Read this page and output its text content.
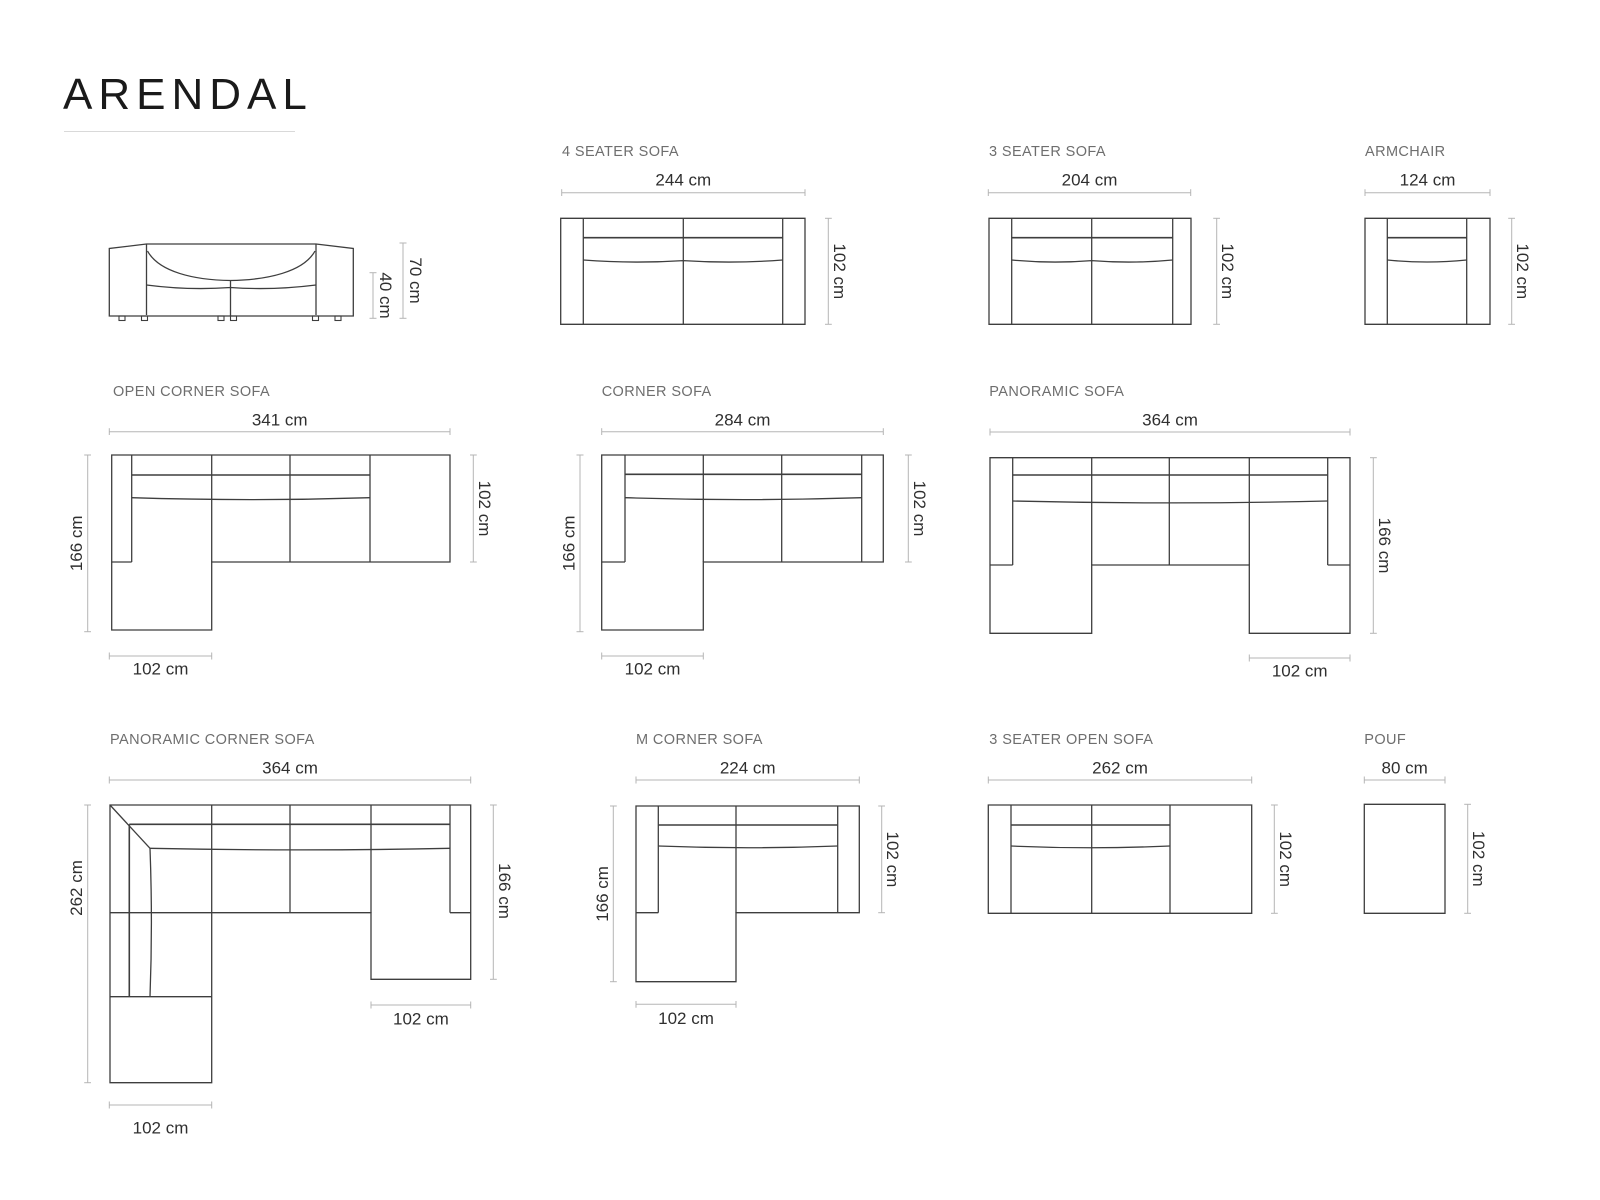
ARENDAL
40 cm 70 cm
4 SEATER SOFA
244 cm
102 cm
3 SEATER SOFA
204 cm
102 cm
ARMCHAIR
124 cm
102 cm
OPEN CORNER SOFA
341 cm
166 cm
102 cm
102 cm
CORNER SOFA
284 cm
166 cm
102 cm
102 cm
PANORAMIC SOFA
364 cm
166 cm
102 cm
PANORAMIC CORNER SOFA
364 cm
262 cm	166 cm
102 cm
102 cm
M CORNER SOFA
224 cm
166 cm
102 cm
102 cm
3 SEATER OPEN SOFA
262 cm
102 cm
POUF
80 cm
102 cm
